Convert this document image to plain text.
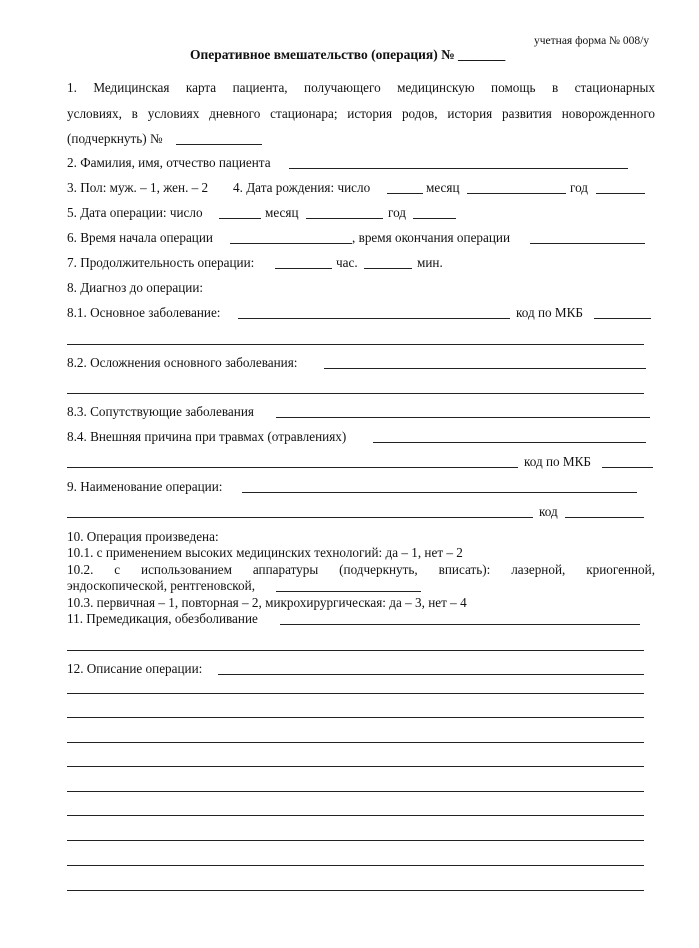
учетная форма № 008/у
Оперативное вмешательство (операция) № _______
1. Медицинская карта пациента, получающего медицинскую помощь в стационарных
условиях, в условиях дневного стационара; история родов, история развития новорожденного
(подчеркнуть) №
2. Фамилия, имя, отчество пациента
3. Пол: муж. – 1, жен. – 2 4. Дата рождения: число	месяц	год
5. Дата операции: число	месяц	год
6. Время начала операции	, время окончания операции
7. Продолжительность операции:	час.	мин.
8. Диагноз до операции:
8.1. Основное заболевание:	код по МКБ
8.2. Осложнения основного заболевания:
8.3. Сопутствующие заболевания
8.4. Внешняя причина при травмах (отравлениях)
код по МКБ
9. Наименование операции:
код
10. Операция произведена:
10.1. с применением высоких медицинских технологий: да – 1, нет – 2
10.2. с использованием аппаратуры (подчеркнуть, вписать): лазерной, криогенной,
эндоскопической, рентгеновской,
10.3. первичная – 1, повторная – 2, микрохирургическая: да – 3, нет – 4
11. Премедикация, обезболивание
12. Описание операции:
